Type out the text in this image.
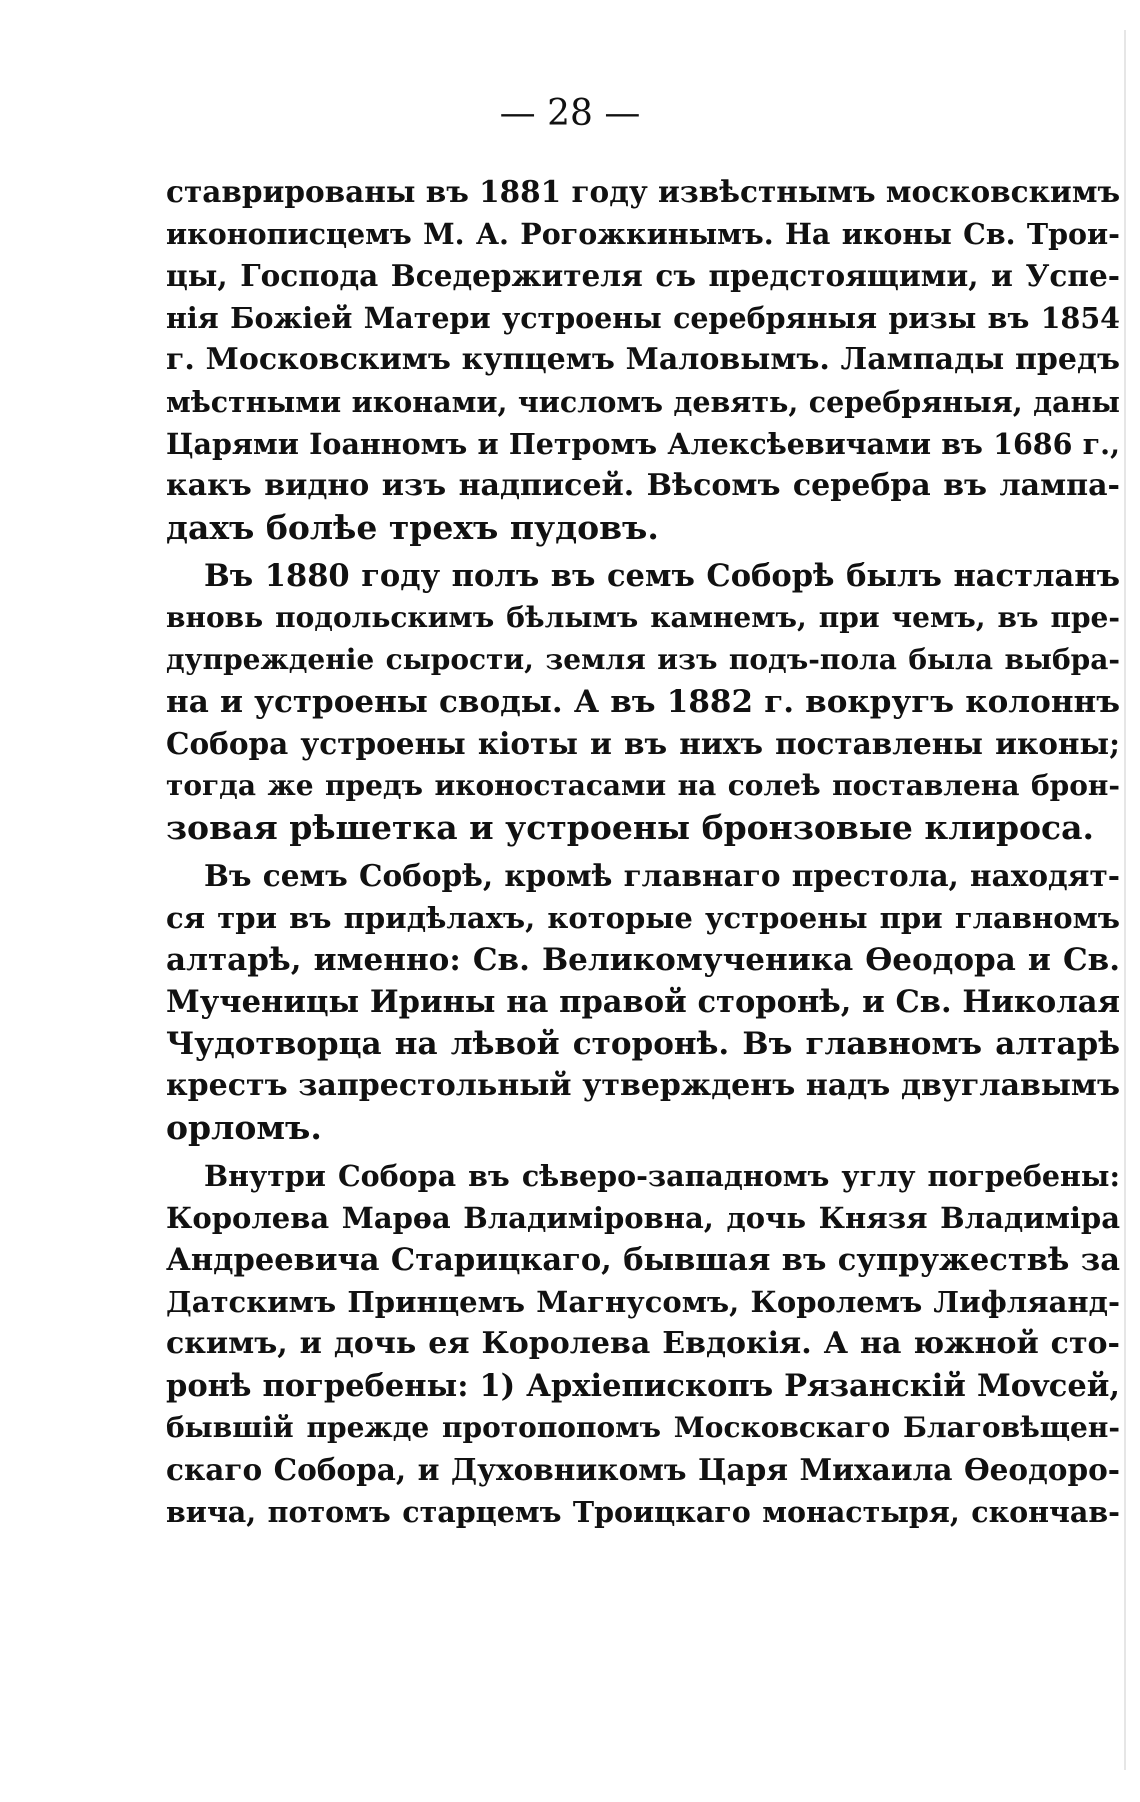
— 28 —
ставрированы въ 1881 году извѣстнымъ московскимъ
иконописцемъ М. А. Рогожкинымъ. На иконы Св. Трои-
цы, Господа Вседержителя съ предстоящими, и Успе-
нія Божіей Матери устроены серебряныя ризы въ 1854
г. Московскимъ купцемъ Маловымъ. Лампады предъ
мѣстными иконами, числомъ девять, серебряныя, даны
Царями Іоанномъ и Петромъ Алексѣевичами въ 1686 г.,
какъ видно изъ надписей. Вѣсомъ серебра въ лампа-
дахъ болѣе трехъ пудовъ.
Въ 1880 году полъ въ семъ Соборѣ былъ настланъ
вновь подольскимъ бѣлымъ камнемъ, при чемъ, въ пре-
дупрежденіе сырости, земля изъ подъ-пола была выбра-
на и устроены своды. А въ 1882 г. вокругъ колоннъ
Собора устроены кіоты и въ нихъ поставлены иконы;
тогда же предъ иконостасами на солеѣ поставлена брон-
зовая рѣшетка и устроены бронзовые клироса.
Въ семъ Соборѣ, кромѣ главнаго престола, находят-
ся три въ придѣлахъ, которые устроены при главномъ
алтарѣ, именно: Св. Великомученика Ѳеодора и Св.
Мученицы Ирины на правой сторонѣ, и Св. Николая
Чудотворца на лѣвой сторонѣ. Въ главномъ алтарѣ
крестъ запрестольный утвержденъ надъ двуглавымъ
орломъ.
Внутри Собора въ сѣверо-западномъ углу погребены:
Королева Марѳа Владиміровна, дочь Князя Владиміра
Андреевича Старицкаго, бывшая въ супружествѣ за
Датскимъ Принцемъ Магнусомъ, Королемъ Лифляанд-
скимъ, и дочь ея Королева Евдокія. А на южной сто-
ронѣ погребены: 1) Архіепископъ Рязанскій Моvсей,
бывшій прежде протопопомъ Московскаго Благовѣщен-
скаго Собора, и Духовникомъ Царя Михаила Ѳеодоро-
вича, потомъ старцемъ Троицкаго монастыря, скончав-
